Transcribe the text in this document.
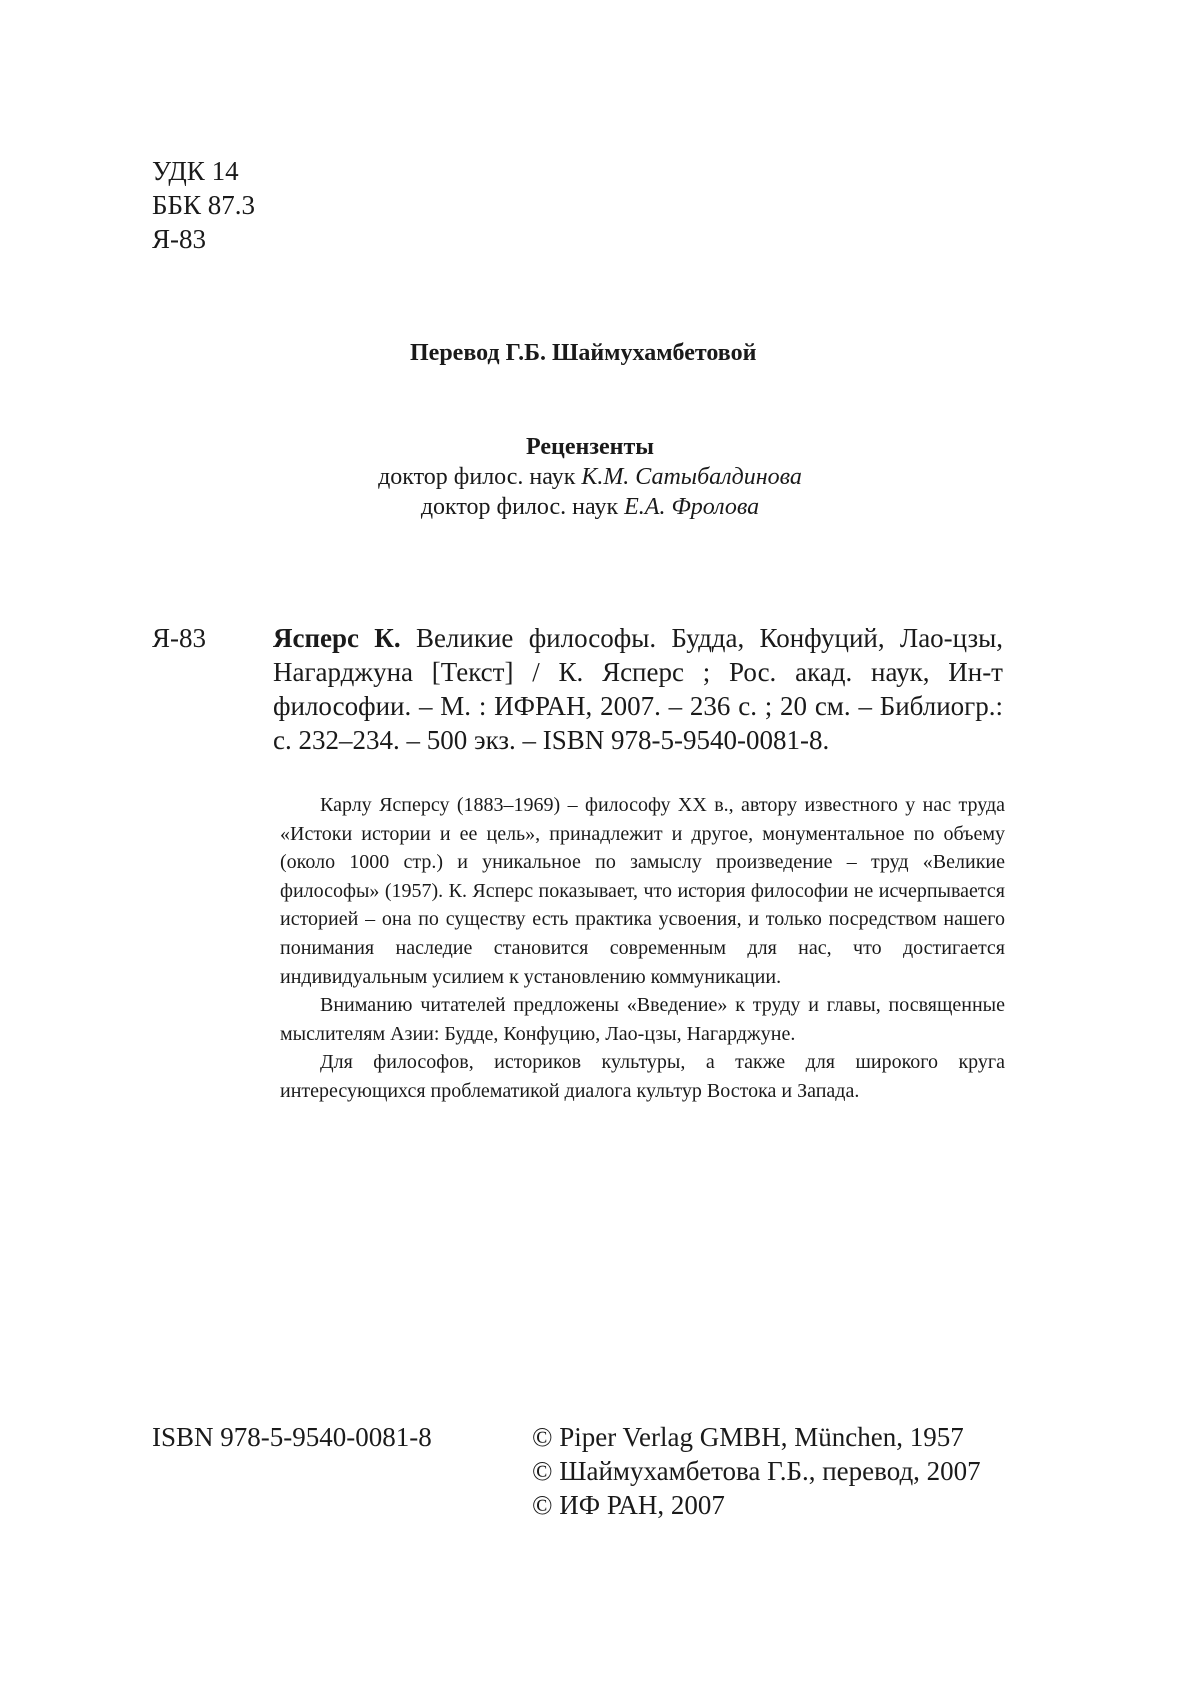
УДК 14
ББК 87.3
Я-83
Перевод Г.Б. Шаймухамбетовой
Рецензенты
доктор филос. наук К.М. Сатыбалдинова
доктор филос. наук Е.А. Фролова
Я-83 Ясперс К. Великие философы. Будда, Конфуций, Лао-цзы, Нагарджуна [Текст] / К. Ясперс ; Рос. акад. наук, Ин-т философии. – М. : ИФРАН, 2007. – 236 с. ; 20 см. – Библиогр.: с. 232–234. – 500 экз. – ISBN 978-5-9540-0081-8.

Карлу Ясперсу (1883–1969) – философу ХХ в., автору известного у нас труда «Истоки истории и ее цель», принадлежит и другое, монументальное по объему (около 1000 стр.) и уникальное по замыслу произведение – труд «Великие философы» (1957). К. Ясперс показывает, что история философии не исчерпывается историей – она по существу есть практика усвоения, и только посредством нашего понимания наследие становится современным для нас, что достигается индивидуальным усилием к установлению коммуникации.

Вниманию читателей предложены «Введение» к труду и главы, посвященные мыслителям Азии: Будде, Конфуцию, Лао-цзы, Нагарджуне.

Для философов, историков культуры, а также для широкого круга интересующихся проблематикой диалога культур Востока и Запада.

ISBN 978-5-9540-0081-8	© Piper Verlag GMBH, München, 1957
© Шаймухамбетова Г.Б., перевод, 2007
© ИФ РАН, 2007
